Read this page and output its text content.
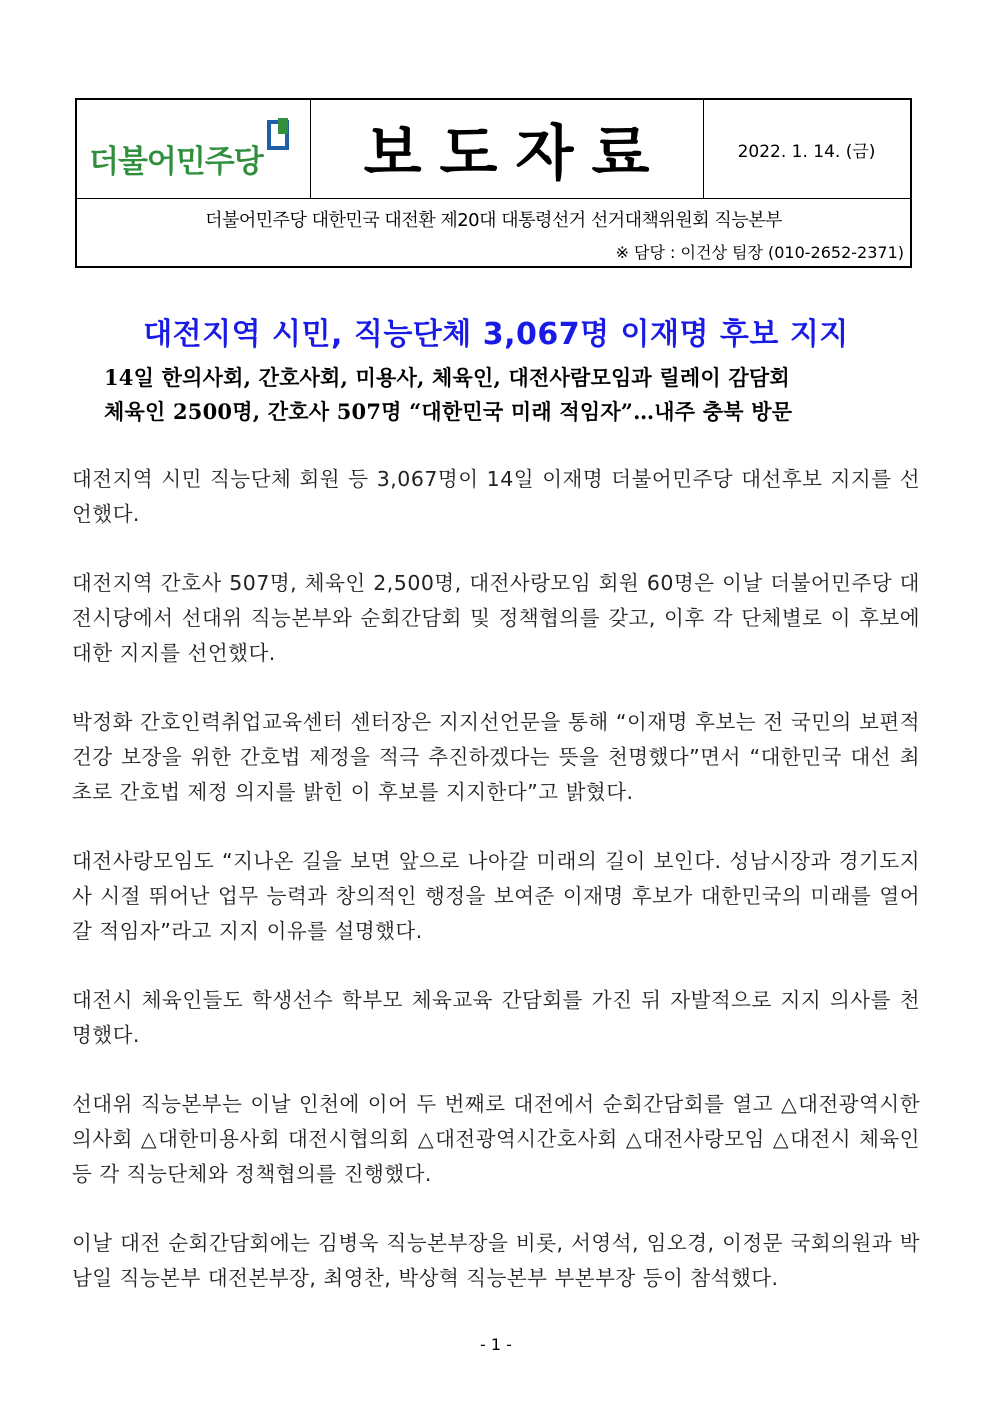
더불어민주당	보도자료	2022. 1. 14. (금)
더불어민주당 대한민국 대전환 제20대 대통령선거 선거대책위원회 직능본부
※ 담당 : 이건상 팀장 (010-2652-2371)
대전지역 시민, 직능단체 3,067명 이재명 후보 지지
14일 한의사회, 간호사회, 미용사, 체육인, 대전사람모임과 릴레이 감담회
체육인 2500명, 간호사 507명 “대한민국 미래 적임자”…내주 충북 방문

대전지역 시민 직능단체 회원 등 3,067명이 14일 이재명 더불어민주당 대선후보 지지를 선언했다.

대전지역 간호사 507명, 체육인 2,500명, 대전사랑모임 회원 60명은 이날 더불어민주당 대전시당에서 선대위 직능본부와 순회간담회 및 정책협의를 갖고, 이후 각 단체별로 이 후보에 대한 지지를 선언했다.

박정화 간호인력취업교육센터 센터장은 지지선언문을 통해 “이재명 후보는 전 국민의 보편적 건강 보장을 위한 간호법 제정을 적극 추진하겠다는 뜻을 천명했다”면서 “대한민국 대선 최초로 간호법 제정 의지를 밝힌 이 후보를 지지한다”고 밝혔다.

대전사랑모임도 “지나온 길을 보면 앞으로 나아갈 미래의 길이 보인다. 성남시장과 경기도지사 시절 뛰어난 업무 능력과 창의적인 행정을 보여준 이재명 후보가 대한민국의 미래를 열어갈 적임자”라고 지지 이유를 설명했다.

대전시 체육인들도 학생선수 학부모 체육교육 간담회를 가진 뒤 자발적으로 지지 의사를 천명했다.

선대위 직능본부는 이날 인천에 이어 두 번째로 대전에서 순회간담회를 열고 △대전광역시한의사회 △대한미용사회 대전시협의회 △대전광역시간호사회 △대전사랑모임 △대전시 체육인 등 각 직능단체와 정책협의를 진행했다.

이날 대전 순회간담회에는 김병욱 직능본부장을 비롯, 서영석, 임오경, 이정문 국회의원과 박남일 직능본부 대전본부장, 최영찬, 박상혁 직능본부 부본부장 등이 참석했다.

- 1 -
